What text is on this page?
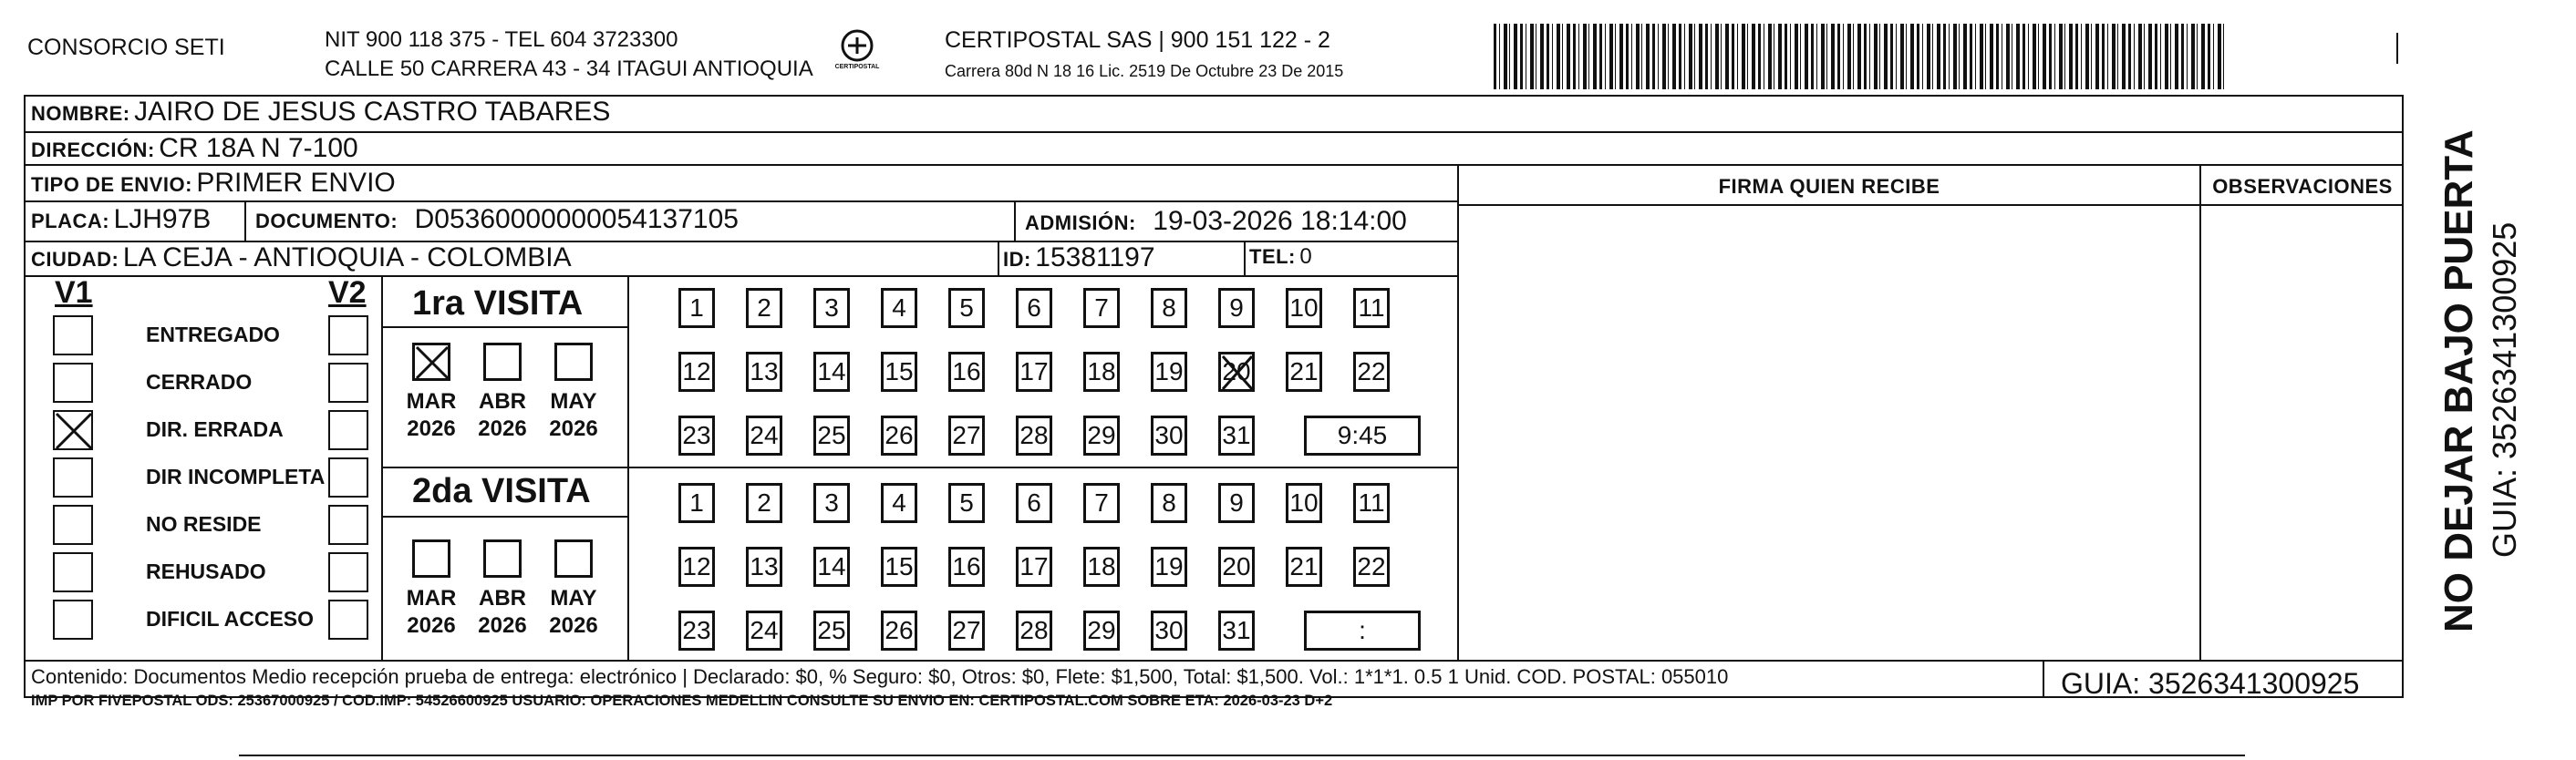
CONSORCIO SETI	NIT 900 118 375 - TEL 604 3723300
CALLE 50 CARRERA 43 - 34 ITAGUI ANTIOQUIA	CERTIPOSTAL
CERTIPOSTAL SAS | 900 151 122 - 2
Carrera 80d N 18 16 Lic. 2519 De Octubre 23 De 2015
NOMBRE: JAIRO DE JESUS CASTRO TABARES
DIRECCIÓN: CR 18A N 7-100
TIPO DE ENVIO: PRIMER ENVIO	FIRMA QUIEN RECIBE	OBSERVACIONES
PLACA: LJH97B DOCUMENTO: D05360000000054137105	ADMISIÓN: 19-03-2026 18:14:00
CIUDAD: LA CEJA - ANTIOQUIA - COLOMBIA	ID: 15381197	TEL: 0
V1	V2
ENTREGADO
CERRADO
DIR. ERRADA
DIR INCOMPLETA
NO RESIDE
REHUSADO
DIFICIL ACCESO
1ra VISITA
MAR
2026
ABR
2026
MAY
2026
1	2	3	4	5	6	7	8	9	10 11
12 13 14 15 16 17 18 19 20 21 22
23 24 25 26 27 28 29 30 31	9:45
2da VISITA
MAR
2026
ABR
2026
MAY
2026
1	2	3	4	5	6	7	8	9	10 11
12 13 14 15 16 17 18 19 20 21 22
23 24 25 26 27 28 29 30 31	:
Contenido: Documentos Medio recepción prueba de entrega: electrónico | Declarado: $0, % Seguro: $0, Otros: $0, Flete: $1,500, Total: $1,500. Vol.: 1*1*1. 0.5 1 Unid. COD. POSTAL: 055010
IMP POR FIVEPOSTAL ODS: 25367000925 / COD.IMP: 54526600925 USUARIO: OPERACIONES MEDELLIN CONSULTE SU ENVIO EN: CERTIPOSTAL.COM SOBRE ETA: 2026-03-23 D+2
GUIA: 3526341300925
NO DEJAR BAJO PUERTA GUIA: 3526341300925
